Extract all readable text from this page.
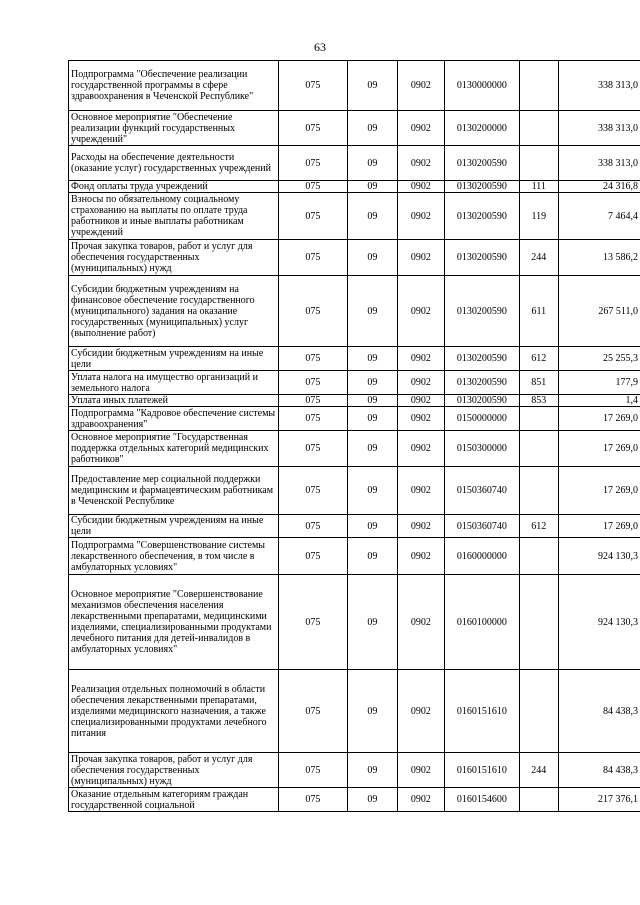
63
Подпрограмма "Обеспечение реализации государственной программы в сфере здравоохранения в Чеченской Республике"	075	09	0902	0130000000		338 313,0
Основное мероприятие "Обеспечение реализации функций государственных учреждений"	075	09	0902	0130200000		338 313,0
Расходы на обеспечение деятельности (оказание услуг) государственных учреждений	075	09	0902	0130200590		338 313,0
Фонд оплаты труда учреждений	075	09	0902	0130200590	111	24 316,8
Взносы по обязательному социальному страхованию на выплаты по оплате труда работников и иные выплаты работникам учреждений	075	09	0902	0130200590	119	7 464,4
Прочая закупка товаров, работ и услуг для обеспечения государственных (муниципальных) нужд	075	09	0902	0130200590	244	13 586,2
Субсидии бюджетным учреждениям на финансовое обеспечение государственного (муниципального) задания на оказание государственных (муниципальных) услуг (выполнение работ)	075	09	0902	0130200590	611	267 511,0
Субсидии бюджетным учреждениям на иные цели	075	09	0902	0130200590	612	25 255,3
Уплата налога на имущество организаций и земельного налога	075	09	0902	0130200590	851	177,9
Уплата иных платежей	075	09	0902	0130200590	853	1,4
Подпрограмма "Кадровое обеспечение системы здравоохранения"	075	09	0902	0150000000		17 269,0
Основное мероприятие "Государственная поддержка отдельных категорий медицинских работников"	075	09	0902	0150300000		17 269,0
Предоставление мер социальной поддержки медицинским и фармацевтическим работникам в Чеченской Республике	075	09	0902	0150360740		17 269,0
Субсидии бюджетным учреждениям на иные цели	075	09	0902	0150360740	612	17 269,0
Подпрограмма "Совершенствование системы лекарственного обеспечения, в том числе в амбулаторных условиях"	075	09	0902	0160000000		924 130,3
Основное мероприятие "Совершенствование механизмов обеспечения населения лекарственными препаратами, медицинскими изделиями, специализированными продуктами лечебного питания для детей-инвалидов в амбулаторных условиях"	075	09	0902	0160100000		924 130,3
Реализация отдельных полномочий в области обеспечения лекарственными препаратами, изделиями медицинского назначения, а также специализированными продуктами лечебного питания	075	09	0902	0160151610		84 438,3
Прочая закупка товаров, работ и услуг для обеспечения государственных (муниципальных) нужд	075	09	0902	0160151610	244	84 438,3
Оказание отдельным категориям граждан государственной социальной	075	09	0902	0160154600		217 376,1
